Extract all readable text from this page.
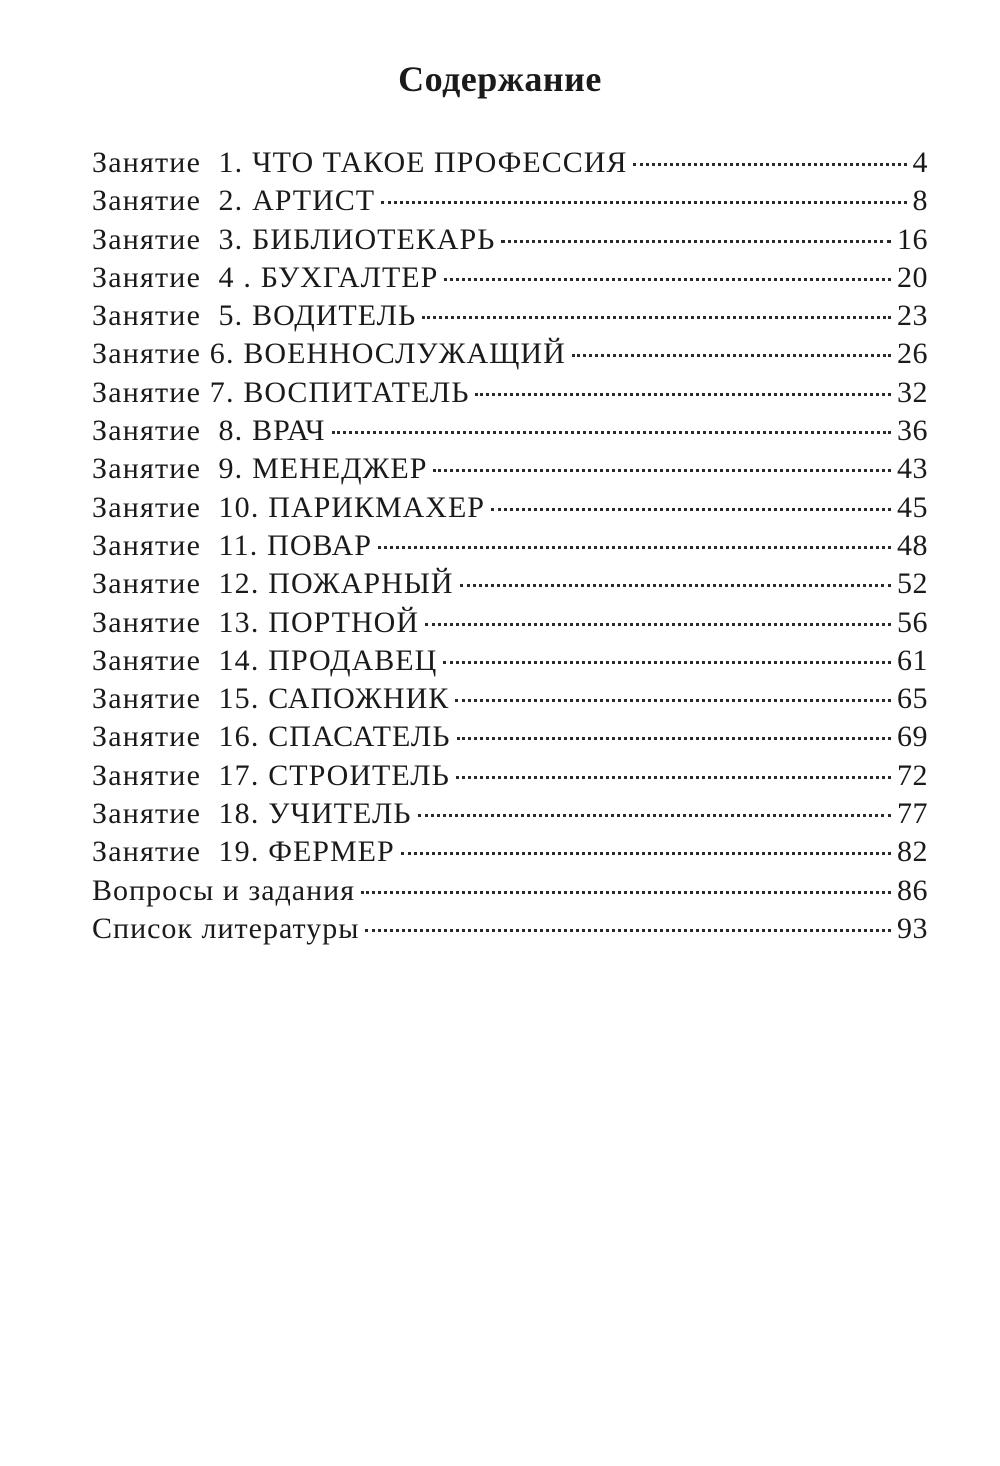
Содержание
Занятие  1. ЧТО ТАКОЕ ПРОФЕССИЯ	4
Занятие  2. АРТИСТ	8
Занятие  3. БИБЛИОТЕКАРЬ	16
Занятие  4 . БУХГАЛТЕР	20
Занятие  5. ВОДИТЕЛЬ	23
Занятие 6. ВОЕННОСЛУЖАЩИЙ	26
Занятие 7. ВОСПИТАТЕЛЬ	32
Занятие  8. ВРАЧ	36
Занятие  9. МЕНЕДЖЕР	43
Занятие  10. ПАРИКМАХЕР	45
Занятие  11. ПОВАР	48
Занятие  12. ПОЖАРНЫЙ	52
Занятие  13. ПОРТНОЙ	56
Занятие  14. ПРОДАВЕЦ	61
Занятие  15. САПОЖНИК	65
Занятие  16. СПАСАТЕЛЬ	69
Занятие  17. СТРОИТЕЛЬ	72
Занятие  18. УЧИТЕЛЬ	77
Занятие  19. ФЕРМЕР	82
Вопросы и задания	86
Список литературы	93
